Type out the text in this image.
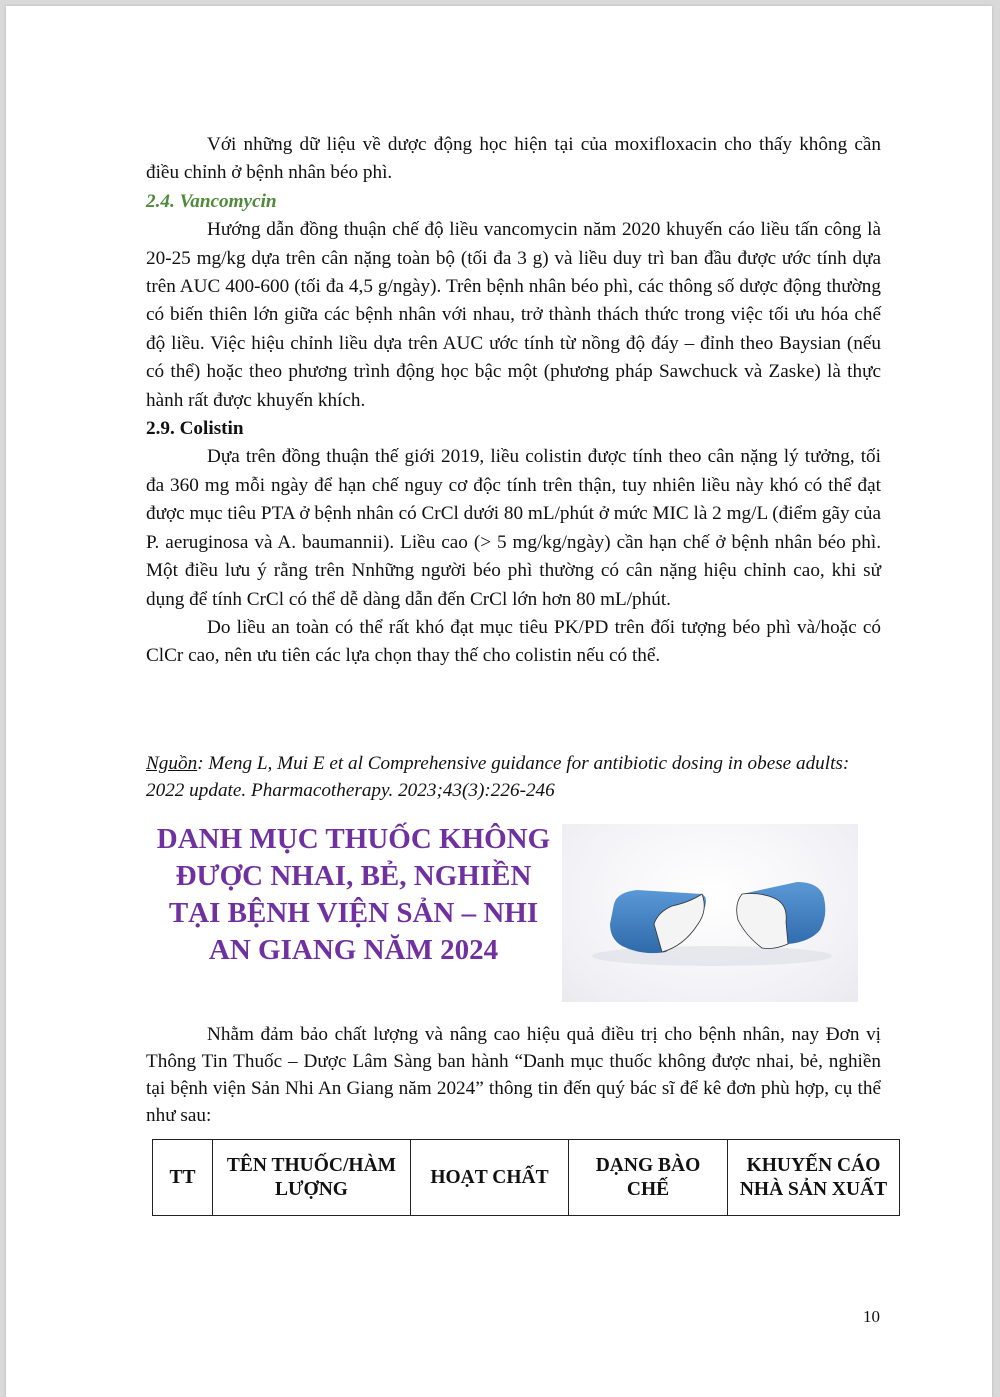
Với những dữ liệu về dược động học hiện tại của moxifloxacin cho thấy không cần điều chỉnh ở bệnh nhân béo phì.

2.4. Vancomycin

Hướng dẫn đồng thuận chế độ liều vancomycin năm 2020 khuyến cáo liều tấn công là 20-25 mg/kg dựa trên cân nặng toàn bộ (tối đa 3 g) và liều duy trì ban đầu được ước tính dựa trên AUC 400-600 (tối đa 4,5 g/ngày). Trên bệnh nhân béo phì, các thông số dược động thường có biến thiên lớn giữa các bệnh nhân với nhau, trở thành thách thức trong việc tối ưu hóa chế độ liều. Việc hiệu chỉnh liều dựa trên AUC ước tính từ nồng độ đáy – đỉnh theo Baysian (nếu có thể) hoặc theo phương trình động học bậc một (phương pháp Sawchuck và Zaske) là thực hành rất được khuyến khích.

2.9. Colistin

Dựa trên đồng thuận thế giới 2019, liều colistin được tính theo cân nặng lý tưởng, tối đa 360 mg mỗi ngày để hạn chế nguy cơ độc tính trên thận, tuy nhiên liều này khó có thể đạt được mục tiêu PTA ở bệnh nhân có CrCl dưới 80 mL/phút ở mức MIC là 2 mg/L (điểm gãy của P. aeruginosa và A. baumannii). Liều cao (> 5 mg/kg/ngày) cần hạn chế ở bệnh nhân béo phì. Một điều lưu ý rằng trên Nnhững người béo phì thường có cân nặng hiệu chỉnh cao, khi sử dụng để tính CrCl có thể dễ dàng dẫn đến CrCl lớn hơn 80 mL/phút.

Do liều an toàn có thể rất khó đạt mục tiêu PK/PD trên đối tượng béo phì và/hoặc có ClCr cao, nên ưu tiên các lựa chọn thay thế cho colistin nếu có thể.

Nguồn: Meng L, Mui E et al Comprehensive guidance for antibiotic dosing in obese adults: 2022 update. Pharmacotherapy. 2023;43(3):226-246
DANH MỤC THUỐC KHÔNG ĐƯỢC NHAI, BẺ, NGHIỀN TẠI BỆNH VIỆN SẢN – NHI AN GIANG NĂM 2024

Nhằm đảm bảo chất lượng và nâng cao hiệu quả điều trị cho bệnh nhân, nay Đơn vị Thông Tin Thuốc – Dược Lâm Sàng ban hành “Danh mục thuốc không được nhai, bẻ, nghiền tại bệnh viện Sản Nhi An Giang năm 2024” thông tin đến quý bác sĩ để kê đơn phù hợp, cụ thể như sau:

TT	TÊN THUỐC/HÀM LƯỢNG	HOẠT CHẤT	DẠNG BÀO CHẾ	KHUYẾN CÁO NHÀ SẢN XUẤT
10
